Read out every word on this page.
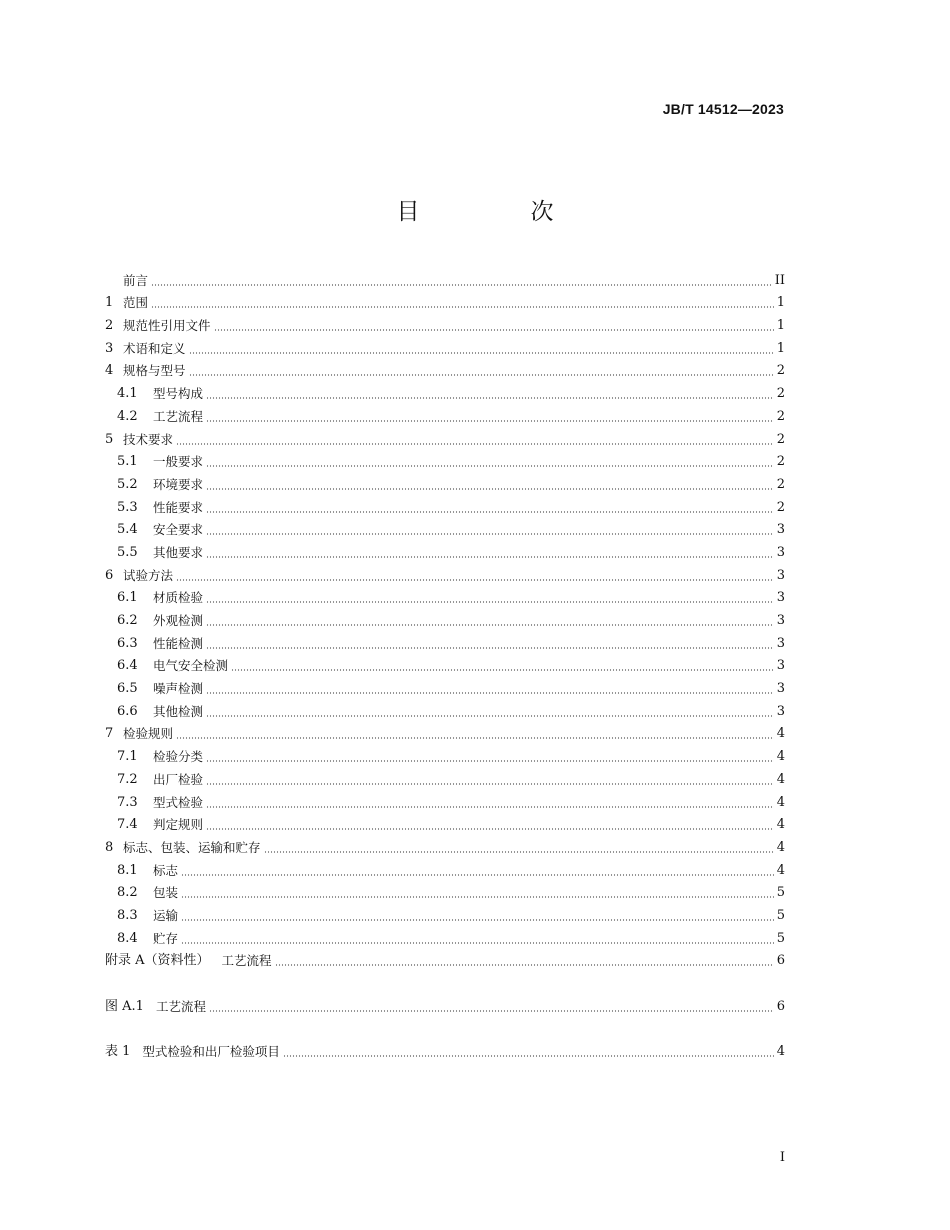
JB/T 14512—2023
目　次
前言	II
1 范围	1
2 规范性引用文件	1
3 术语和定义	1
4 规格与型号	2
4.1	型号构成	2
4.2	工艺流程	2
5 技术要求	2
5.1	一般要求	2
5.2	环境要求	2
5.3	性能要求	2
5.4	安全要求	3
5.5	其他要求	3
6 试验方法	3
6.1	材质检验	3
6.2	外观检测	3
6.3	性能检测	3
6.4	电气安全检测	3
6.5	噪声检测	3
6.6	其他检测	3
7 检验规则	4
7.1	检验分类	4
7.2	出厂检验	4
7.3	型式检验	4
7.4	判定规则	4
8 标志、包装、运输和贮存	4
8.1	标志	4
8.2	包装	5
8.3	运输	5
8.4	贮存	5
附录 A（资料性） 工艺流程	6
图 A.1 工艺流程	6
表 1 型式检验和出厂检验项目	4
I
